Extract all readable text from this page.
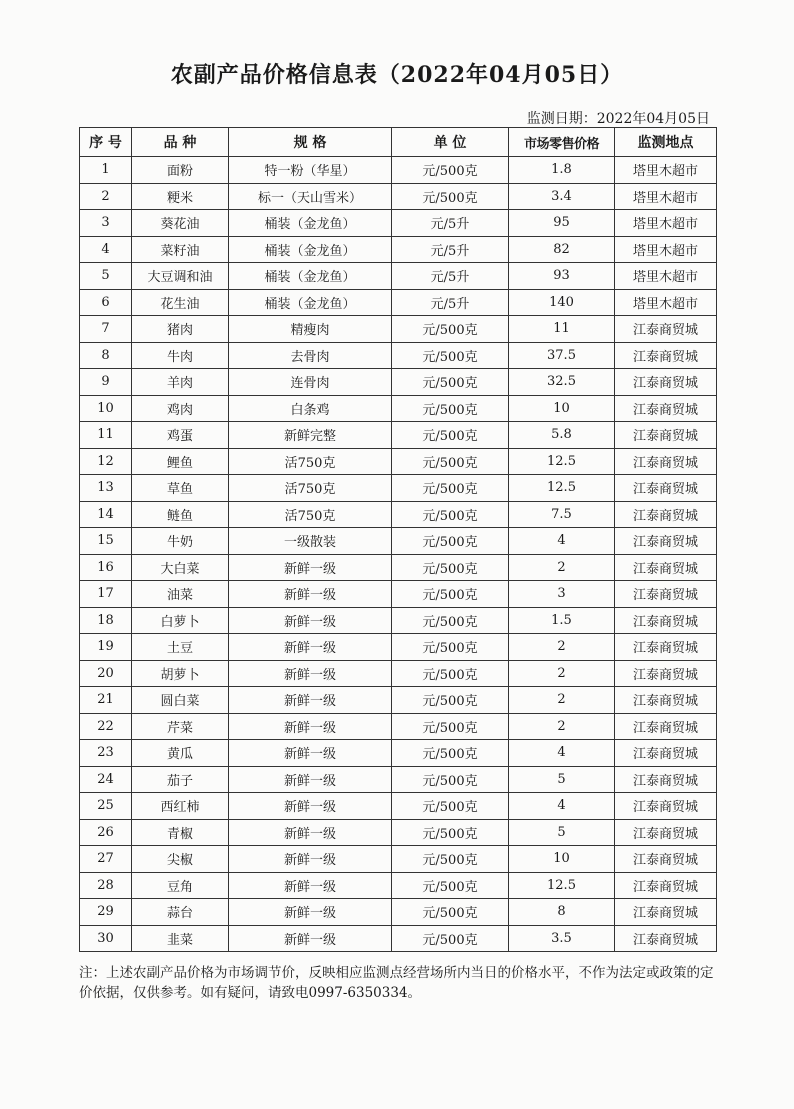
农副产品价格信息表（2022年04月05日）
监测日期：2022年04月05日
序 号	品 种	规 格	单 位	市场零售价格	监测地点
1	面粉	特一粉（华星）	元/500克	1.8	塔里木超市
2	粳米	标一（天山雪米）	元/500克	3.4	塔里木超市
3	葵花油	桶装（金龙鱼）	元/5升	95	塔里木超市
4	菜籽油	桶装（金龙鱼）	元/5升	82	塔里木超市
5	大豆调和油	桶装（金龙鱼）	元/5升	93	塔里木超市
6	花生油	桶装（金龙鱼）	元/5升	140	塔里木超市
7	猪肉	精瘦肉	元/500克	11	江泰商贸城
8	牛肉	去骨肉	元/500克	37.5	江泰商贸城
9	羊肉	连骨肉	元/500克	32.5	江泰商贸城
10	鸡肉	白条鸡	元/500克	10	江泰商贸城
11	鸡蛋	新鲜完整	元/500克	5.8	江泰商贸城
12	鲤鱼	活750克	元/500克	12.5	江泰商贸城
13	草鱼	活750克	元/500克	12.5	江泰商贸城
14	鲢鱼	活750克	元/500克	7.5	江泰商贸城
15	牛奶	一级散装	元/500克	4	江泰商贸城
16	大白菜	新鲜一级	元/500克	2	江泰商贸城
17	油菜	新鲜一级	元/500克	3	江泰商贸城
18	白萝卜	新鲜一级	元/500克	1.5	江泰商贸城
19	土豆	新鲜一级	元/500克	2	江泰商贸城
20	胡萝卜	新鲜一级	元/500克	2	江泰商贸城
21	圆白菜	新鲜一级	元/500克	2	江泰商贸城
22	芹菜	新鲜一级	元/500克	2	江泰商贸城
23	黄瓜	新鲜一级	元/500克	4	江泰商贸城
24	茄子	新鲜一级	元/500克	5	江泰商贸城
25	西红柿	新鲜一级	元/500克	4	江泰商贸城
26	青椒	新鲜一级	元/500克	5	江泰商贸城
27	尖椒	新鲜一级	元/500克	10	江泰商贸城
28	豆角	新鲜一级	元/500克	12.5	江泰商贸城
29	蒜台	新鲜一级	元/500克	8	江泰商贸城
30	韭菜	新鲜一级	元/500克	3.5	江泰商贸城
注：上述农副产品价格为市场调节价，反映相应监测点经营场所内当日的价格水平，不作为法定或政策的定价依据，仅供参考。如有疑问，请致电0997-6350334。
